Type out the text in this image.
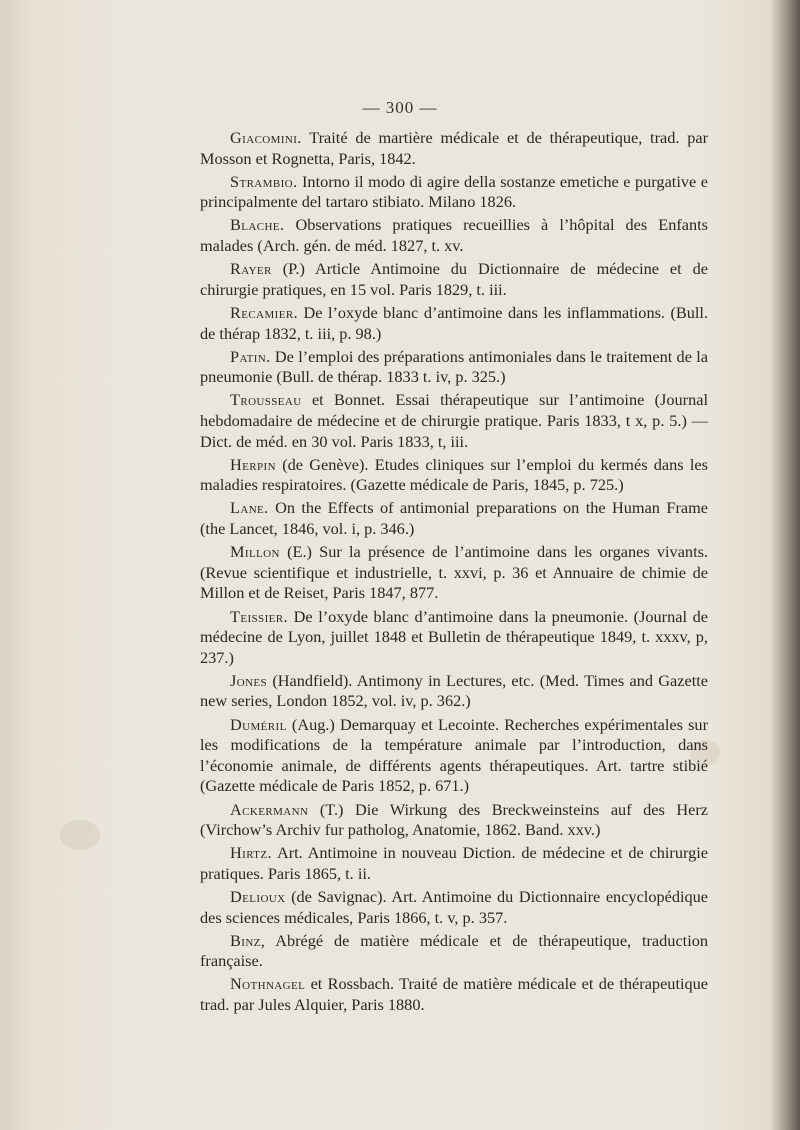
— 300 —

Giacomini. Traité de martière médicale et de thérapeutique, trad. par Mosson et Rognetta, Paris, 1842.

Strambio. Intorno il modo di agire della sostanze emetiche e purgative e principalmente del tartaro stibiato. Milano 1826.

Blache. Observations pratiques recueillies à l’hôpital des Enfants malades (Arch. gén. de méd. 1827, t. xv.

Rayer (P.) Article Antimoine du Dictionnaire de médecine et de chirurgie pratiques, en 15 vol. Paris 1829, t. iii.

Recamier. De l’oxyde blanc d’antimoine dans les inflammations. (Bull. de thérap 1832, t. iii, p. 98.)

Patin. De l’emploi des préparations antimoniales dans le traitement de la pneumonie (Bull. de thérap. 1833 t. iv, p. 325.)

Trousseau et Bonnet. Essai thérapeutique sur l’antimoine (Journal hebdomadaire de médecine et de chirurgie pratique. Paris 1833, t x, p. 5.) — Dict. de méd. en 30 vol. Paris 1833, t, iii.

Herpin (de Genève). Etudes cliniques sur l’emploi du kermés dans les maladies respiratoires. (Gazette médicale de Paris, 1845, p. 725.)

Lane. On the Effects of antimonial preparations on the Human Frame (the Lancet, 1846, vol. i, p. 346.)

Millon (E.) Sur la présence de l’antimoine dans les organes vivants. (Revue scientifique et industrielle, t. xxvi, p. 36 et Annuaire de chimie de Millon et de Reiset, Paris 1847, 877.

Teissier. De l’oxyde blanc d’antimoine dans la pneumonie. (Journal de médecine de Lyon, juillet 1848 et Bulletin de thérapeutique 1849, t. xxxv, p, 237.)

Jones (Handfield). Antimony in Lectures, etc. (Med. Times and Gazette new series, London 1852, vol. iv, p. 362.)

Duméril (Aug.) Demarquay et Lecointe. Recherches expérimentales sur les modifications de la température animale par l’introduction, dans l’économie animale, de différents agents thérapeutiques. Art. tartre stibié (Gazette médicale de Paris 1852, p. 671.)

Ackermann (T.) Die Wirkung des Breckweinsteins auf des Herz (Virchow’s Archiv fur patholog, Anatomie, 1862. Band. xxv.)

Hirtz. Art. Antimoine in nouveau Diction. de médecine et de chirurgie pratiques. Paris 1865, t. ii.

Delioux (de Savignac). Art. Antimoine du Dictionnaire encyclopédique des sciences médicales, Paris 1866, t. v, p. 357.

Binz, Abrégé de matière médicale et de thérapeutique, traduction française.

Nothnagel et Rossbach. Traité de matière médicale et de thérapeutique trad. par Jules Alquier, Paris 1880.
